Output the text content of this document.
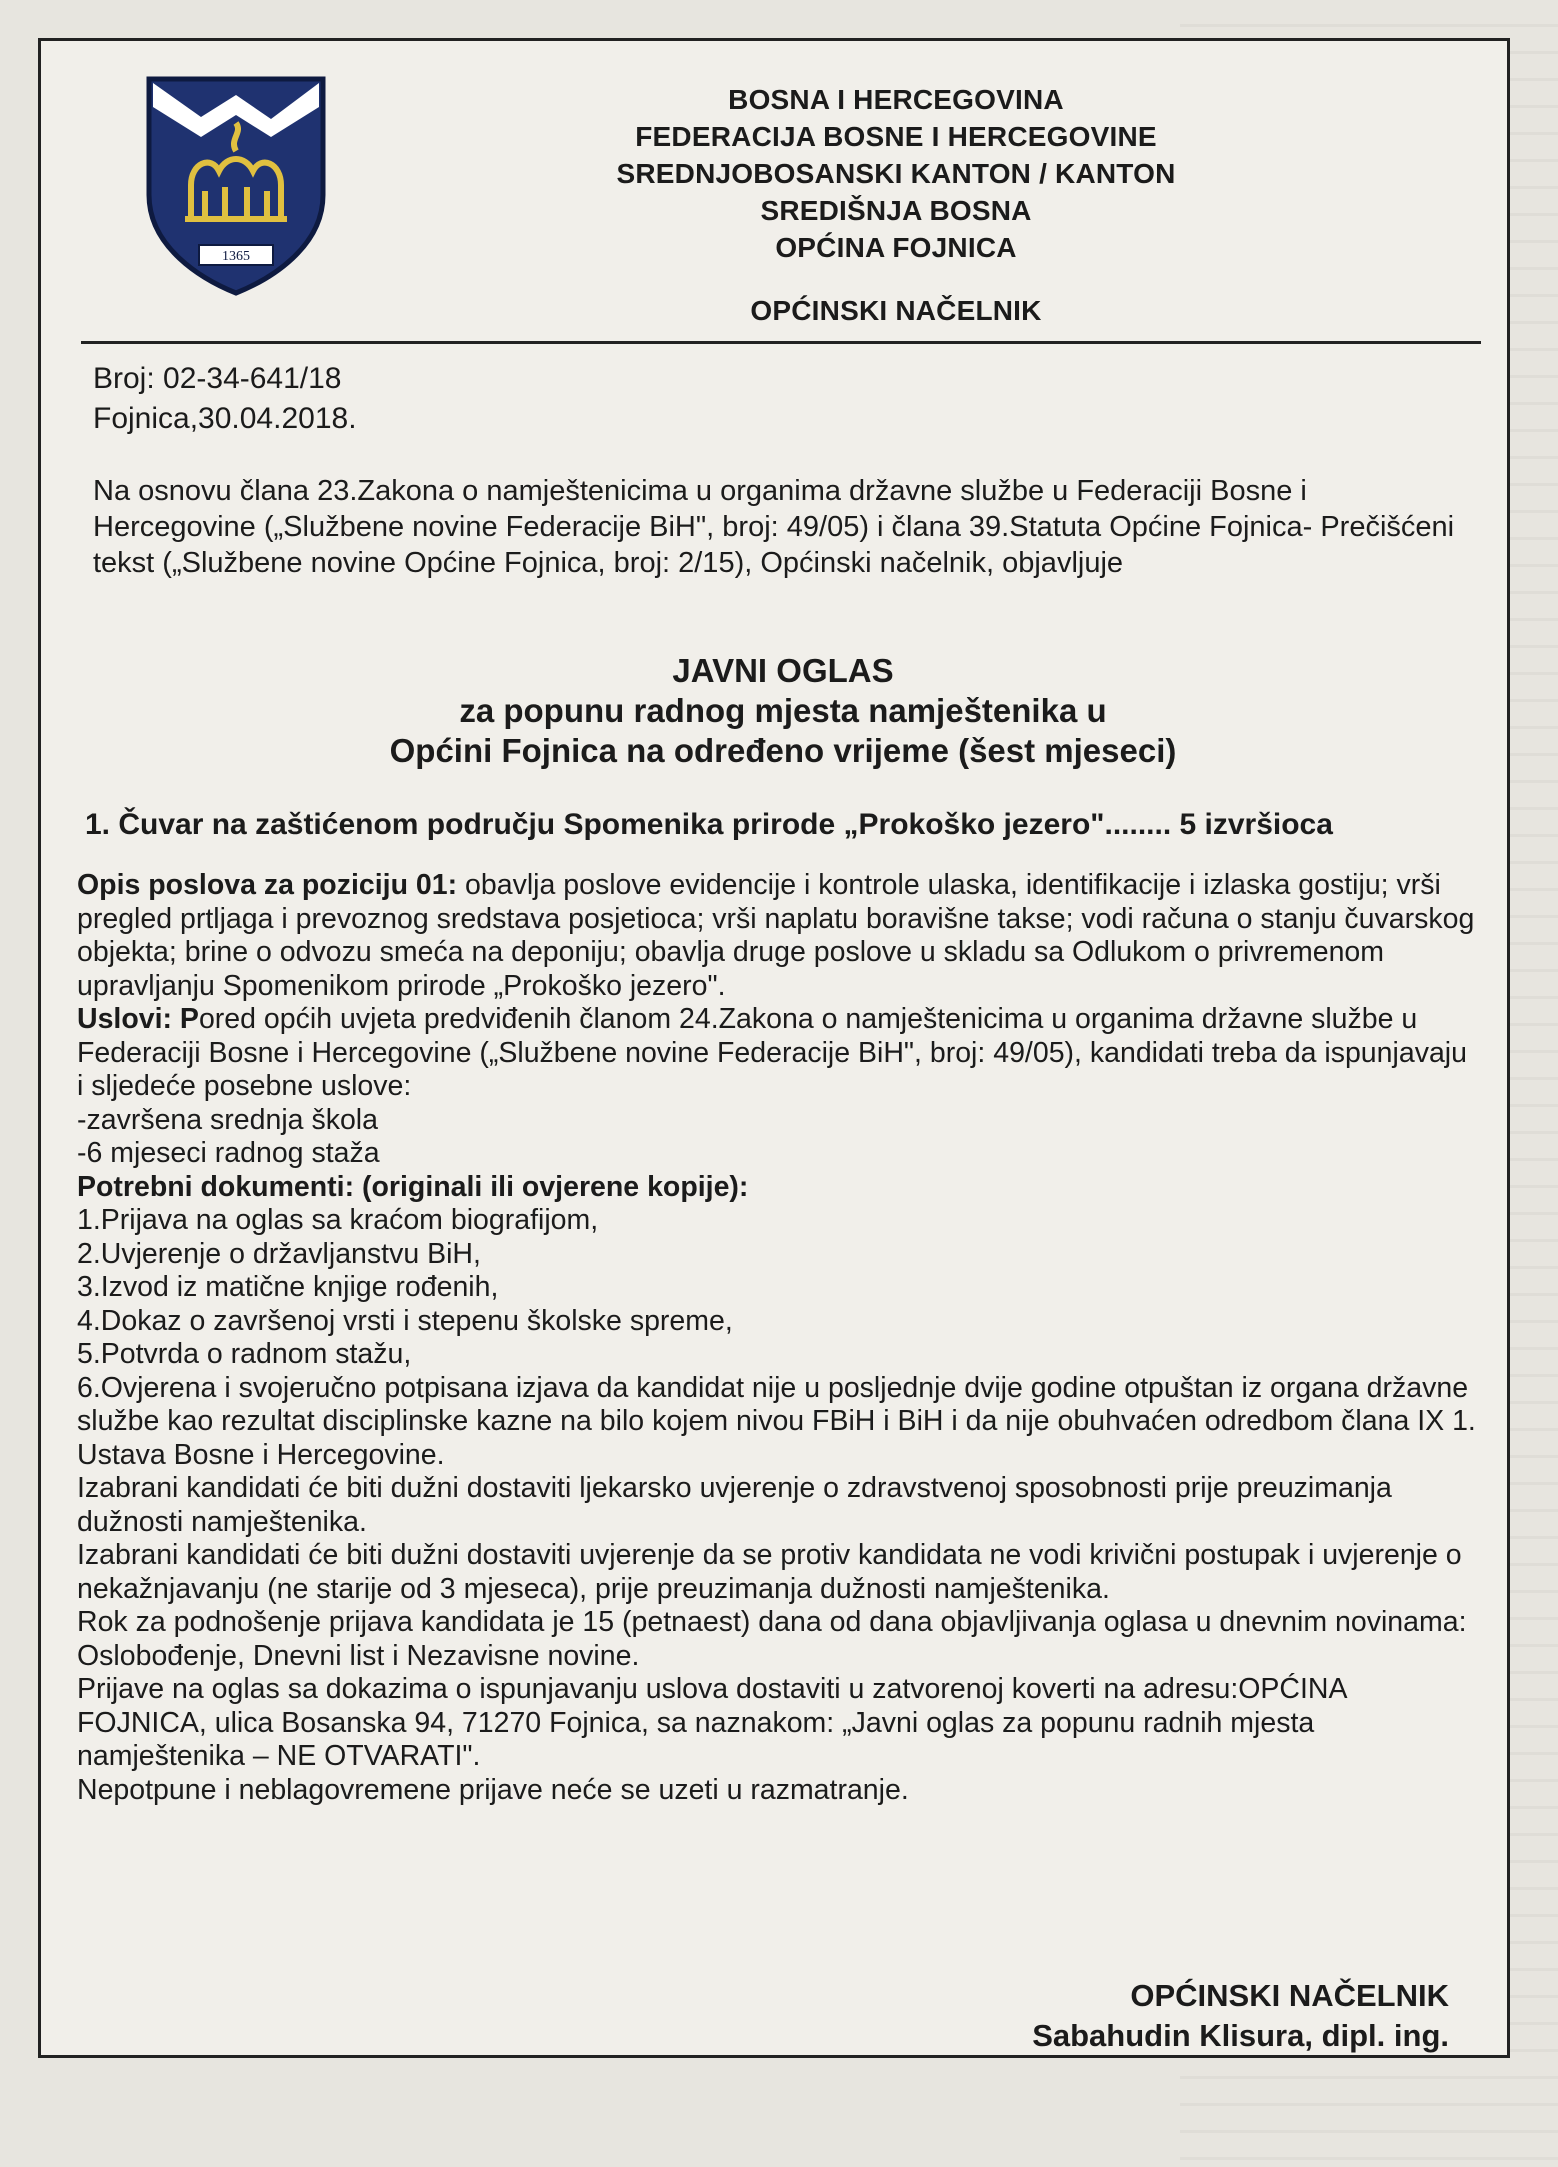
1365
BOSNA I HERCEGOVINA
FEDERACIJA BOSNE I HERCEGOVINE
SREDNJOBOSANSKI KANTON / KANTON
SREDIŠNJA BOSNA
OPĆINA FOJNICA
OPĆINSKI NAČELNIK
Broj: 02-34-641/18
Fojnica,30.04.2018.
Na osnovu člana 23.Zakona o namještenicima u organima državne službe u Federaciji Bosne i Hercegovine („Službene novine Federacije BiH", broj: 49/05) i člana 39.Statuta Općine Fojnica- Prečišćeni tekst („Službene novine Općine Fojnica, broj: 2/15), Općinski načelnik, objavljuje
JAVNI OGLAS
za popunu radnog mjesta namještenika u
Općini Fojnica na određeno vrijeme (šest mjeseci)
1. Čuvar na zaštićenom području Spomenika prirode „Prokoško jezero"........ 5 izvršioca

Opis poslova za poziciju 01: obavlja poslove evidencije i kontrole ulaska, identifikacije i izlaska gostiju; vrši pregled prtljaga i prevoznog sredstava posjetioca; vrši naplatu boravišne takse; vodi računa o stanju čuvarskog objekta; brine o odvozu smeća na deponiju; obavlja druge poslove u skladu sa Odlukom o privremenom upravljanju Spomenikom prirode „Prokoško jezero".

Uslovi: Pored općih uvjeta predviđenih članom 24.Zakona o namještenicima u organima državne službe u Federaciji Bosne i Hercegovine („Službene novine Federacije BiH", broj: 49/05), kandidati treba da ispunjavaju i sljedeće posebne uslove:

-završena srednja škola

-6 mjeseci radnog staža

Potrebni dokumenti: (originali ili ovjerene kopije):

1.Prijava na oglas sa kraćom biografijom,

2.Uvjerenje o državljanstvu BiH,

3.Izvod iz matične knjige rođenih,

4.Dokaz o završenoj vrsti i stepenu školske spreme,

5.Potvrda o radnom stažu,

6.Ovjerena i svojeručno potpisana izjava da kandidat nije u posljednje dvije godine otpuštan iz organa državne službe kao rezultat disciplinske kazne na bilo kojem nivou FBiH i BiH i da nije obuhvaćen odredbom člana IX 1. Ustava Bosne i Hercegovine.

Izabrani kandidati će biti dužni dostaviti ljekarsko uvjerenje o zdravstvenoj sposobnosti prije preuzimanja dužnosti namještenika.

Izabrani kandidati će biti dužni dostaviti uvjerenje da se protiv kandidata ne vodi krivični postupak i uvjerenje o nekažnjavanju (ne starije od 3 mjeseca), prije preuzimanja dužnosti namještenika.

Rok za podnošenje prijava kandidata je 15 (petnaest) dana od dana objavljivanja oglasa u dnevnim novinama: Oslobođenje, Dnevni list i Nezavisne novine.

Prijave na oglas sa dokazima o ispunjavanju uslova dostaviti u zatvorenoj koverti na adresu:OPĆINA FOJNICA, ulica Bosanska 94, 71270 Fojnica, sa naznakom: „Javni oglas za popunu radnih mjesta namještenika – NE OTVARATI".

Nepotpune i neblagovremene prijave neće se uzeti u razmatranje.

OPĆINSKI NAČELNIK
Sabahudin Klisura, dipl. ing.
